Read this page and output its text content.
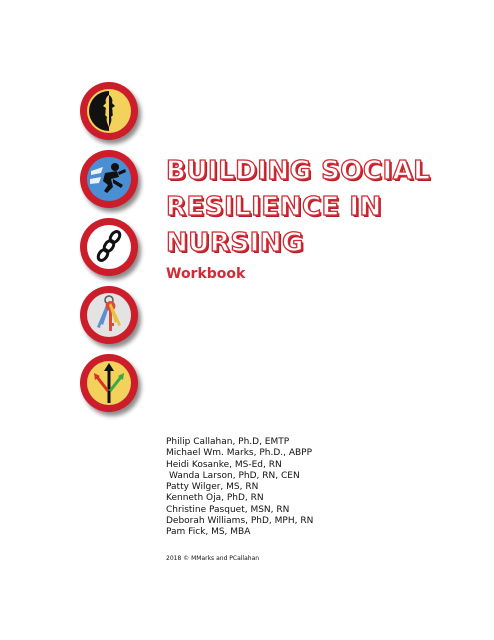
BUILDING SOCIAL
RESILIENCE IN
NURSING

Workbook

Philip Callahan, Ph.D, EMTP
Michael Wm. Marks, Ph.D., ABPP
Heidi Kosanke, MS-Ed, RN
Wanda Larson, PhD, RN, CEN
Patty Wilger, MS, RN
Kenneth Oja, PhD, RN
Christine Pasquet, MSN, RN
Deborah Williams, PhD, MPH, RN
Pam Fick, MS, MBA

2018 © MMarks and PCallahan
